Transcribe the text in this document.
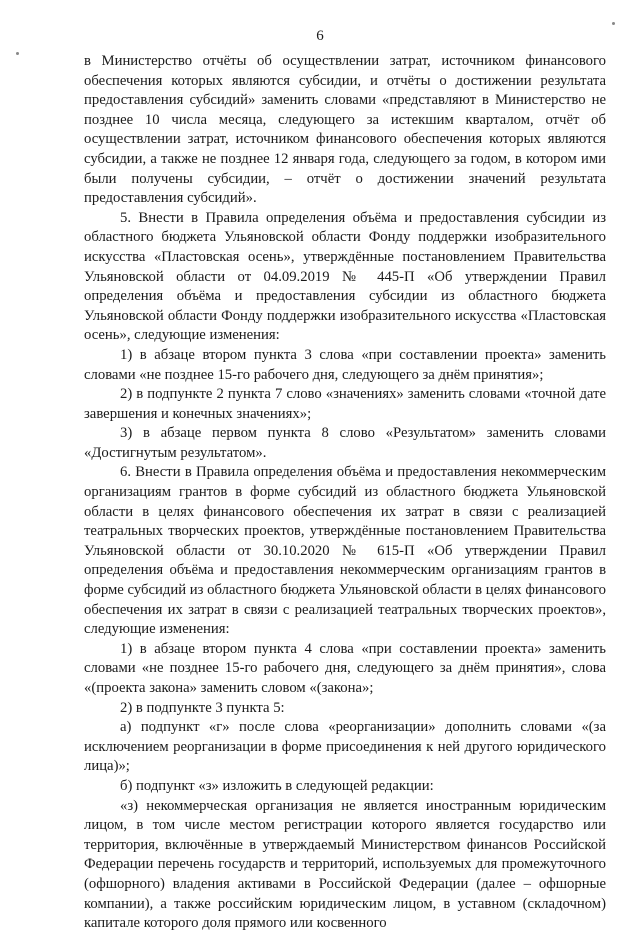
6

в Министерство отчёты об осуществлении затрат, источником финансового обеспечения которых являются субсидии, и отчёты о достижении результата предоставления субсидий» заменить словами «представляют в Министерство не позднее 10 числа месяца, следующего за истекшим кварталом, отчёт об осуществлении затрат, источником финансового обеспечения которых являются субсидии, а также не позднее 12 января года, следующего за годом, в котором ими были получены субсидии, – отчёт о достижении значений результата предоставления субсидий».

5. Внести в Правила определения объёма и предоставления субсидии из областного бюджета Ульяновской области Фонду поддержки изобразительного искусства «Пластовская осень», утверждённые постановлением Правительства Ульяновской области от 04.09.2019 № 445-П «Об утверждении Правил определения объёма и предоставления субсидии из областного бюджета Ульяновской области Фонду поддержки изобразительного искусства «Пластовская осень», следующие изменения:

1) в абзаце втором пункта 3 слова «при составлении проекта» заменить словами «не позднее 15-го рабочего дня, следующего за днём принятия»;

2) в подпункте 2 пункта 7 слово «значениях» заменить словами «точной дате завершения и конечных значениях»;

3) в абзаце первом пункта 8 слово «Результатом» заменить словами «Достигнутым результатом».

6. Внести в Правила определения объёма и предоставления некоммерческим организациям грантов в форме субсидий из областного бюджета Ульяновской области в целях финансового обеспечения их затрат в связи с реализацией театральных творческих проектов, утверждённые постановлением Правительства Ульяновской области от 30.10.2020 № 615-П «Об утверждении Правил определения объёма и предоставления некоммерческим организациям грантов в форме субсидий из областного бюджета Ульяновской области в целях финансового обеспечения их затрат в связи с реализацией театральных творческих проектов», следующие изменения:

1) в абзаце втором пункта 4 слова «при составлении проекта» заменить словами «не позднее 15-го рабочего дня, следующего за днём принятия», слова «(проекта закона» заменить словом «(закона»;

2) в подпункте 3 пункта 5:

а) подпункт «г» после слова «реорганизации» дополнить словами «(за исключением реорганизации в форме присоединения к ней другого юридического лица)»;

б) подпункт «з» изложить в следующей редакции:

«з) некоммерческая организация не является иностранным юридическим лицом, в том числе местом регистрации которого является государство или территория, включённые в утверждаемый Министерством финансов Российской Федерации перечень государств и территорий, используемых для промежуточного (офшорного) владения активами в Российской Федерации (далее – офшорные компании), а также российским юридическим лицом, в уставном (складочном) капитале которого доля прямого или косвенного
